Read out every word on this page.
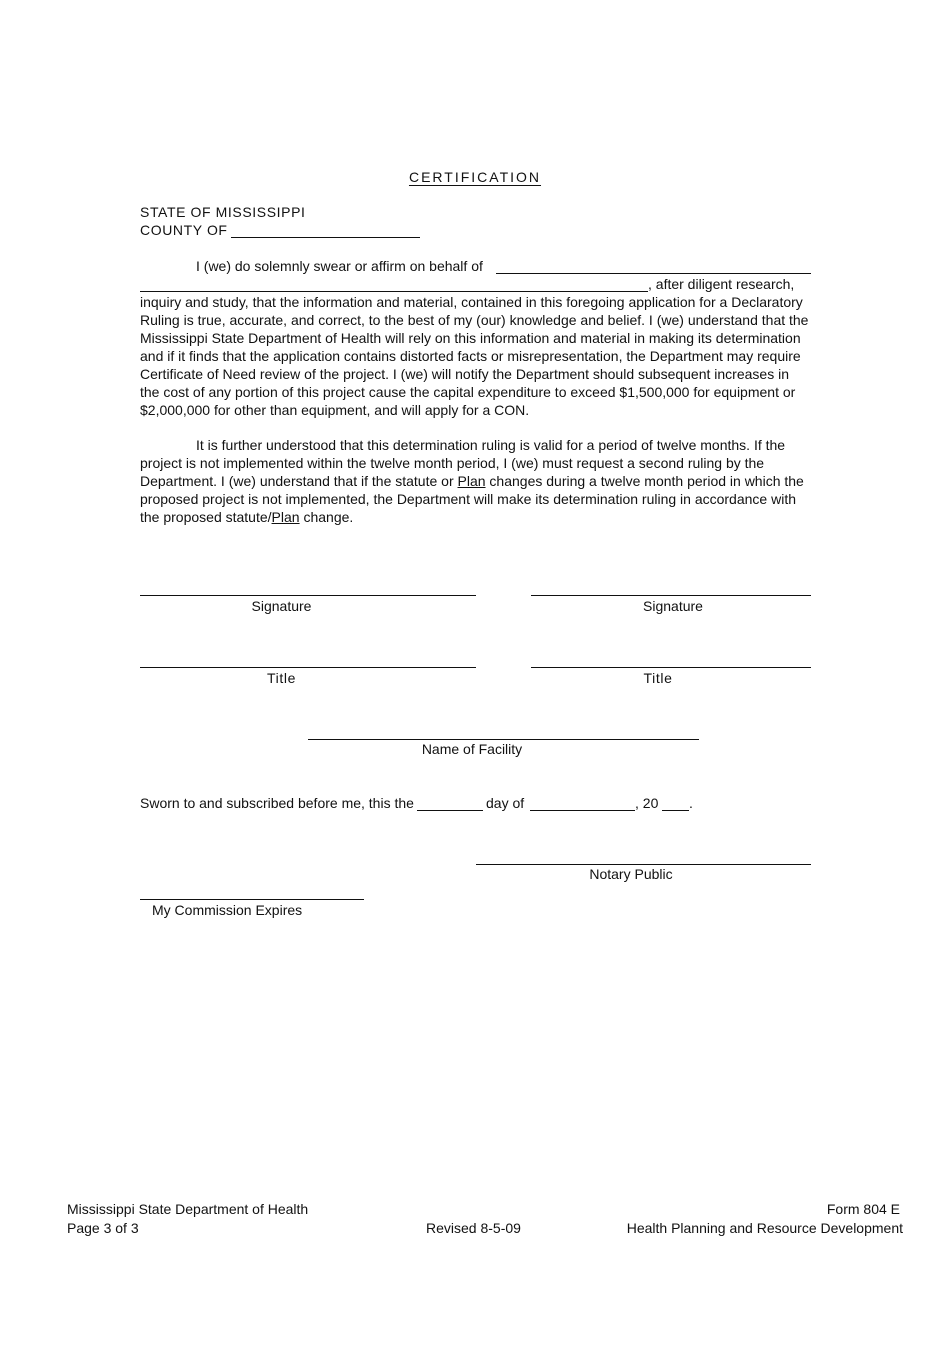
CERTIFICATION
STATE OF MISSISSIPPI
COUNTY OF
I (we) do solemnly swear or affirm on behalf of
, after diligent research,
inquiry and study, that the information and material, contained in this foregoing application for a Declaratory Ruling is true, accurate, and correct, to the best of my (our) knowledge and belief. I (we) understand that the Mississippi State Department of Health will rely on this information and material in making its determination and if it finds that the application contains distorted facts or misrepresentation, the Department may require Certificate of Need review of the project. I (we) will notify the Department should subsequent increases in the cost of any portion of this project cause the capital expenditure to exceed $1,500,000 for equipment or $2,000,000 for other than equipment, and will apply for a CON.
It is further understood that this determination ruling is valid for a period of twelve months. If the project is not implemented within the twelve month period, I (we) must request a second ruling by the Department. I (we) understand that if the statute or Plan changes during a twelve month period in which the proposed project is not implemented, the Department will make its determination ruling in accordance with the proposed statute/Plan change.
Signature	Signature
Title	Title
Name of Facility
Sworn to and subscribed before me, this the	day of	, 20 .
Notary Public
My Commission Expires
Mississippi State Department of Health
Page 3 of 3	Revised 8-5-09
Form 804 E
Health Planning and Resource Development
